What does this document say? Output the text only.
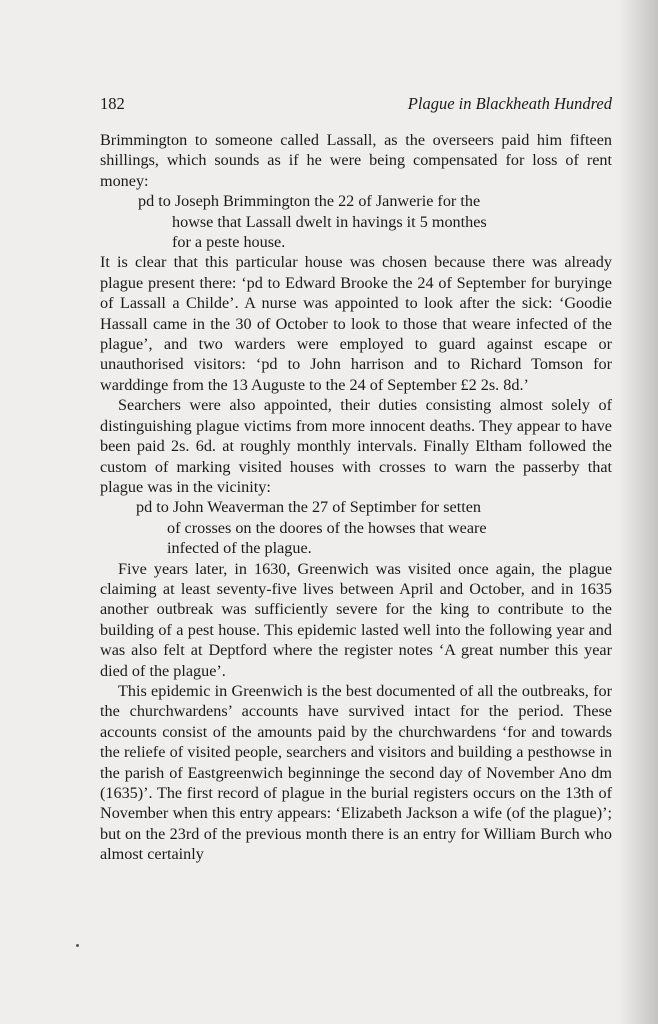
182	Plague in Blackheath Hundred

Brimmington to someone called Lassall, as the overseers paid him fifteen shillings, which sounds as if he were being compensated for loss of rent money:

pd to Joseph Brimmington the 22 of Janwerie for the
howse that Lassall dwelt in havings it 5 monthes
for a peste house.

It is clear that this particular house was chosen because there was already plague present there: ‘pd to Edward Brooke the 24 of September for buryinge of Lassall a Childe’. A nurse was appointed to look after the sick: ‘Goodie Hassall came in the 30 of October to look to those that weare infected of the plague’, and two warders were employed to guard against escape or unauthorised visitors: ‘pd to John harrison and to Richard Tomson for warddinge from the 13 Auguste to the 24 of September £2 2s. 8d.’

Searchers were also appointed, their duties consisting almost solely of distinguishing plague victims from more innocent deaths. They appear to have been paid 2s. 6d. at roughly monthly intervals. Finally Eltham followed the custom of marking visited houses with crosses to warn the passerby that plague was in the vicinity:

pd to John Weaverman the 27 of Septimber for setten
of crosses on the doores of the howses that weare
infected of the plague.

Five years later, in 1630, Greenwich was visited once again, the plague claiming at least seventy-five lives between April and October, and in 1635 another outbreak was sufficiently severe for the king to contribute to the building of a pest house. This epidemic lasted well into the following year and was also felt at Deptford where the register notes ‘A great number this year died of the plague’.

This epidemic in Greenwich is the best documented of all the outbreaks, for the churchwardens’ accounts have survived intact for the period. These accounts consist of the amounts paid by the churchwardens ‘for and towards the reliefe of visited people, searchers and visitors and building a pesthowse in the parish of Eastgreenwich beginninge the second day of November Ano dm (1635)’. The first record of plague in the burial registers occurs on the 13th of November when this entry appears: ‘Elizabeth Jackson a wife (of the plague)’; but on the 23rd of the previous month there is an entry for William Burch who almost certainly
